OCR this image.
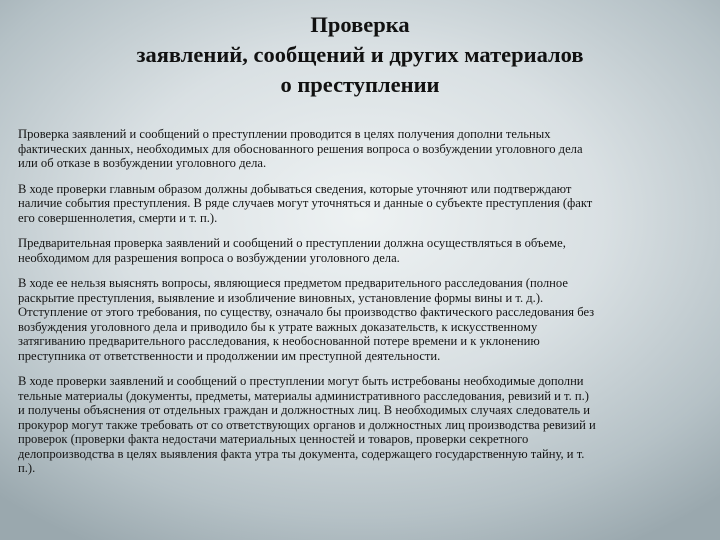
Проверка
заявлений, сообщений и других материалов
о преступлении

Проверка заявлений и сообщений о преступлении проводится в целях получения дополни тельных
фактических данных, необходимых для обоснованного решения вопроса о возбуждении уголовного дела
или об отказе в возбуждении уголовного дела.

В ходе проверки главным образом должны добываться сведения, которые уточняют или подтверждают
наличие события преступления. В ряде случаев могут уточняться и данные о субъекте преступления (факт
его совершеннолетия, смерти и т. п.).

Предварительная проверка заявлений и сообщений о преступлении должна осуществляться в объеме,
необходимом для разрешения вопроса о возбуждении уголовного дела.

В ходе ее нельзя выяснять вопросы, являющиеся предметом предварительного расследования (полное
раскрытие преступления, выявление и изобличение виновных, установление формы вины и т. д.).
Отступление от этого требования, по существу, означало бы производство фактического расследования без
возбуждения уголовного дела и приводило бы к утрате важных доказательств, к искусственному
затягиванию предварительного расследования, к необоснованной потере времени и к уклонению
преступника от ответственности и продолжении им преступной деятельности.

В ходе проверки заявлений и сообщений о преступлении могут быть истребованы необходимые дополни
тельные материалы (документы, предметы, материалы административного расследования, ревизий и т. п.)
и получены объяснения от отдельных граждан и должностных лиц. В необходимых случаях следователь и
прокурор могут также требовать от со ответствующих органов и должностных лиц производства ревизий и
проверок (проверки факта недостачи материальных ценностей и товаров, проверки секретного
делопроизводства в целях выявления факта утра ты документа, содержащего государственную тайну, и т.
п.).
